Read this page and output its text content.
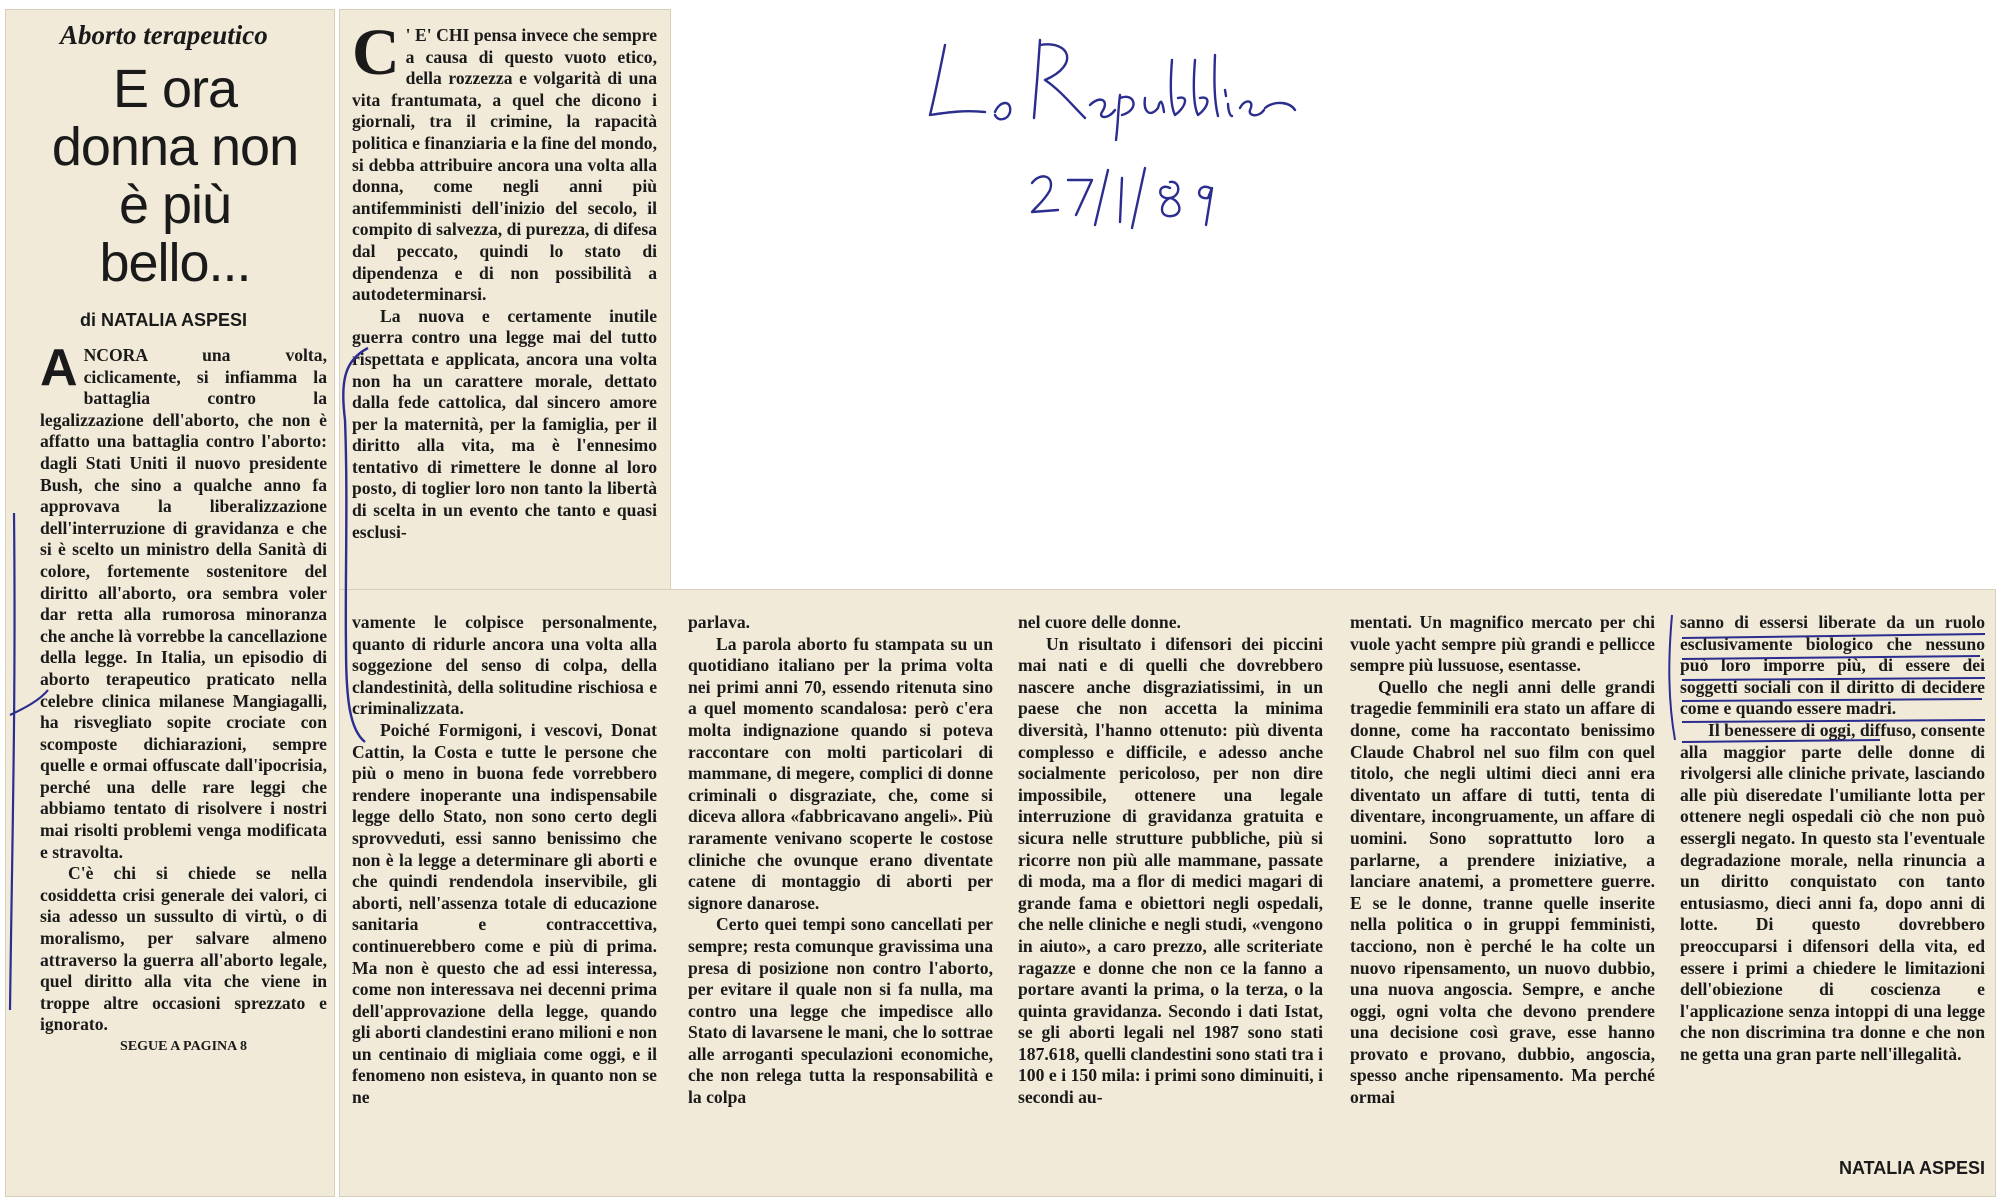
Aborto terapeutico
E ora donna non è più bello...
di NATALIA ASPESI
A NCORA una volta, ciclicamente, si infiamma la battaglia contro la legalizzazione dell'aborto, che non è affatto una battaglia contro l'aborto: dagli Stati Uniti il nuovo presidente Bush, che sino a qualche anno fa approvava la liberalizzazione dell'interruzione di gravidanza e che si è scelto un ministro della Sanità di colore, fortemente sostenitore del diritto all'aborto, ora sembra voler dar retta alla rumorosa minoranza che anche là vorrebbe la cancellazione della legge. In Italia, un episodio di aborto terapeutico praticato nella celebre clinica milanese Mangiagalli, ha risvegliato sopite crociate con scomposte dichiarazioni, sempre quelle e ormai offuscate dall'ipocrisia, perché una delle rare leggi che abbiamo tentato di risolvere i nostri mai risolti problemi venga modificata e stravolta.

C'è chi si chiede se nella cosiddetta crisi generale dei valori, ci sia adesso un sussulto di virtù, o di moralismo, per salvare almeno attraverso la guerra all'aborto legale, quel diritto alla vita che viene in troppe altre occasioni sprezzato e ignorato.

SEGUE A PAGINA 8

C ' E' CHI pensa invece che sempre a causa di questo vuoto etico, della rozzezza e volgarità di una vita frantumata, a quel che dicono i giornali, tra il crimine, la rapacità politica e finanziaria e la fine del mondo, si debba attribuire ancora una volta alla donna, come negli anni più antifemministi dell'inizio del secolo, il compito di salvezza, di purezza, di difesa dal peccato, quindi lo stato di dipendenza e di non possibilità a autodeterminarsi.

La nuova e certamente inutile guerra contro una legge mai del tutto rispettata e applicata, ancora una volta non ha un carattere morale, dettato dalla fede cattolica, dal sincero amore per la maternità, per la famiglia, per il diritto alla vita, ma è l'ennesimo tentativo di rimettere le donne al loro posto, di toglier loro non tanto la libertà di scelta in un evento che tanto e quasi esclusi-

vamente le colpisce personalmente, quanto di ridurle ancora una volta alla soggezione del senso di colpa, della clandestinità, della solitudine rischiosa e criminalizzata.

Poiché Formigoni, i vescovi, Donat Cattin, la Costa e tutte le persone che più o meno in buona fede vorrebbero rendere inoperante una indispensabile legge dello Stato, non sono certo degli sprovveduti, essi sanno benissimo che non è la legge a determinare gli aborti e che quindi rendendola inservibile, gli aborti, nell'assenza totale di educazione sanitaria e contraccettiva, continuerebbero come e più di prima. Ma non è questo che ad essi interessa, come non interessava nei decenni prima dell'approvazione della legge, quando gli aborti clandestini erano milioni e non un centinaio di migliaia come oggi, e il fenomeno non esisteva, in quanto non se ne

parlava.

La parola aborto fu stampata su un quotidiano italiano per la prima volta nei primi anni 70, essendo ritenuta sino a quel momento scandalosa: però c'era molta indignazione quando si poteva raccontare con molti particolari di mammane, di megere, complici di donne criminali o disgraziate, che, come si diceva allora «fabbricavano angeli». Più raramente venivano scoperte le costose cliniche che ovunque erano diventate catene di montaggio di aborti per signore danarose.

Certo quei tempi sono cancellati per sempre; resta comunque gravissima una presa di posizione non contro l'aborto, per evitare il quale non si fa nulla, ma contro una legge che impedisce allo Stato di lavarsene le mani, che lo sottrae alle arroganti speculazioni economiche, che non relega tutta la responsabilità e la colpa

nel cuore delle donne.

Un risultato i difensori dei piccini mai nati e di quelli che dovrebbero nascere anche disgraziatissimi, in un paese che non accetta la minima diversità, l'hanno ottenuto: più diventa complesso e difficile, e adesso anche socialmente pericoloso, per non dire impossibile, ottenere una legale interruzione di gravidanza gratuita e sicura nelle strutture pubbliche, più si ricorre non più alle mammane, passate di moda, ma a flor di medici magari di grande fama e obiettori negli ospedali, che nelle cliniche e negli studi, «vengono in aiuto», a caro prezzo, alle scriteriate ragazze e donne che non ce la fanno a portare avanti la prima, o la terza, o la quinta gravidanza. Secondo i dati Istat, se gli aborti legali nel 1987 sono stati 187.618, quelli clandestini sono stati tra i 100 e i 150 mila: i primi sono diminuiti, i secondi au-

mentati. Un magnifico mercato per chi vuole yacht sempre più grandi e pellicce sempre più lussuose, esentasse.

Quello che negli anni delle grandi tragedie femminili era stato un affare di donne, come ha raccontato benissimo Claude Chabrol nel suo film con quel titolo, che negli ultimi dieci anni era diventato un affare di tutti, tenta di diventare, incongruamente, un affare di uomini. Sono soprattutto loro a parlarne, a prendere iniziative, a lanciare anatemi, a promettere guerre. E se le donne, tranne quelle inserite nella politica o in gruppi femministi, tacciono, non è perché le ha colte un nuovo ripensamento, un nuovo dubbio, una nuova angoscia. Sempre, e anche oggi, ogni volta che devono prendere una decisione così grave, esse hanno provato e provano, dubbio, angoscia, spesso anche ripensamento. Ma perché ormai

sanno di essersi liberate da un ruolo esclusivamente biologico che nessuno può loro imporre più, di essere dei soggetti sociali con il diritto di decidere come e quando essere madri.

Il benessere di oggi, diffuso, consente alla maggior parte delle donne di rivolgersi alle cliniche private, lasciando alle più diseredate l'umiliante lotta per ottenere negli ospedali ciò che non può essergli negato. In questo sta l'eventuale degradazione morale, nella rinuncia a un diritto conquistato con tanto entusiasmo, dieci anni fa, dopo anni di lotte. Di questo dovrebbero preoccuparsi i difensori della vita, ed essere i primi a chiedere le limitazioni dell'obiezione di coscienza e l'applicazione senza intoppi di una legge che non discrimina tra donne e che non ne getta una gran parte nell'illegalità.

NATALIA ASPESI
